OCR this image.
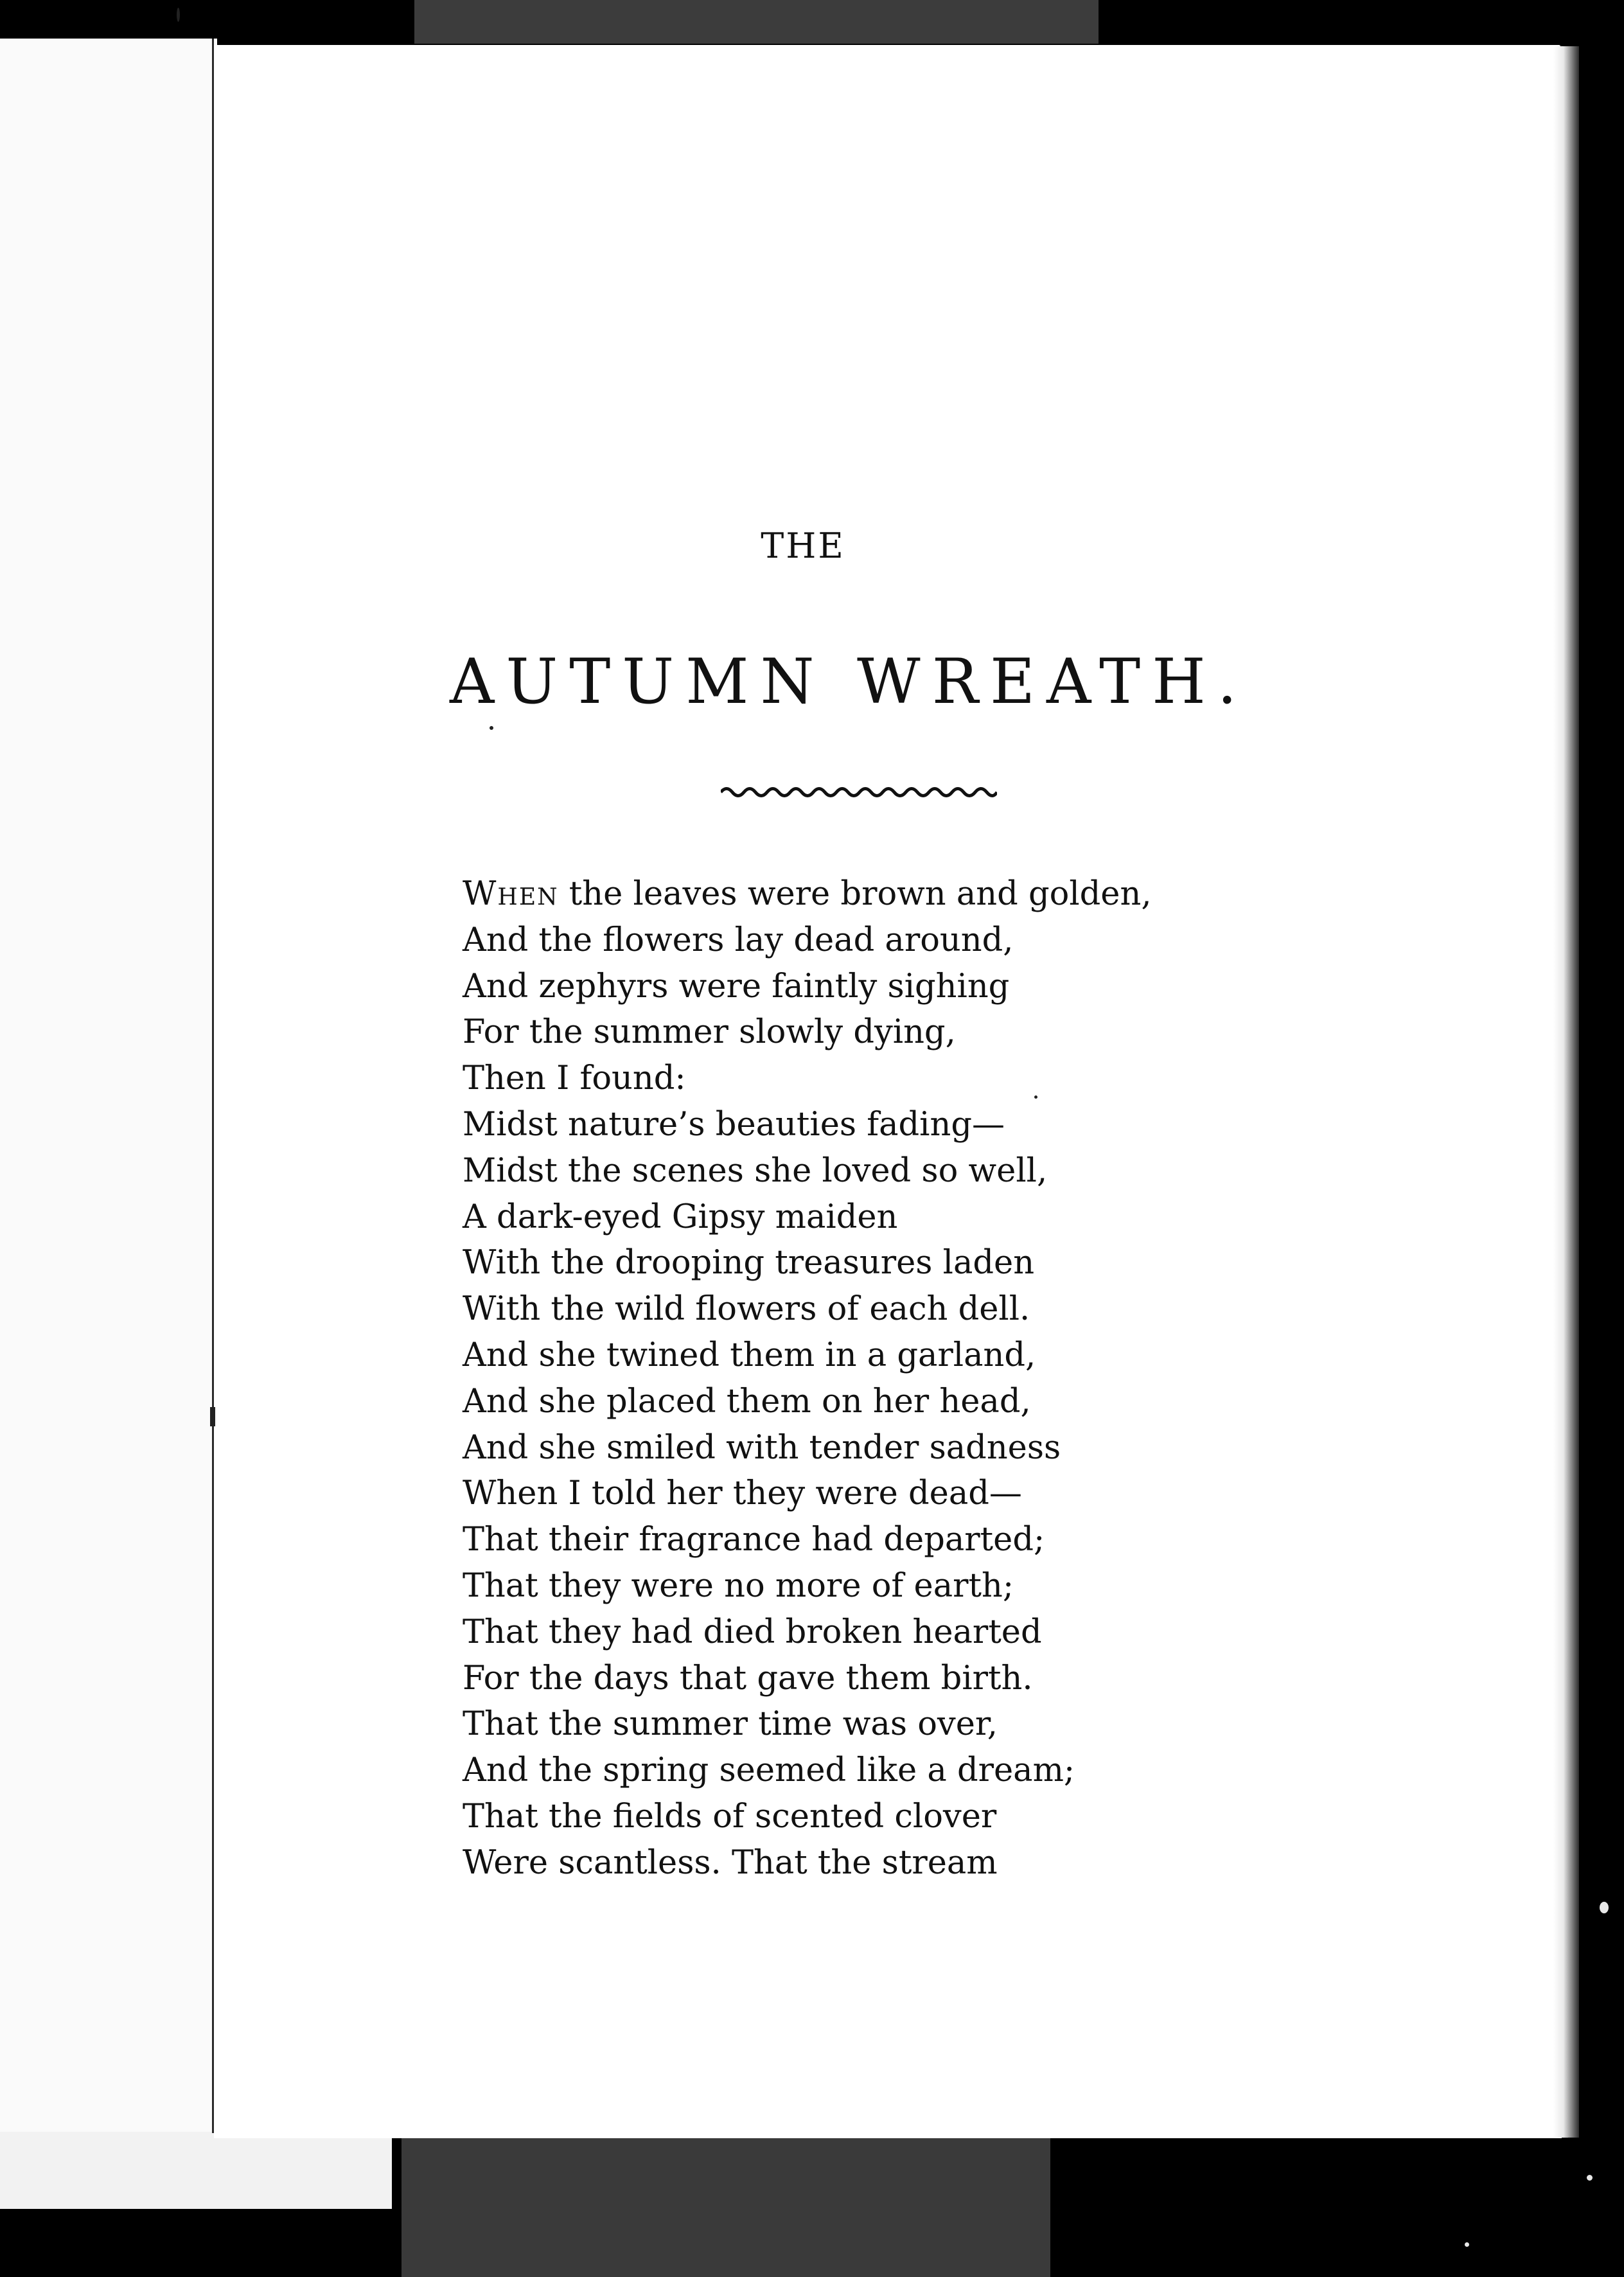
THE
AUTUMN WREATH.
When the leaves were brown and golden,
And the flowers lay dead around,
And zephyrs were faintly sighing
For the summer slowly dying,
Then I found:
Midst nature’s beauties fading—
Midst the scenes she loved so well,
A dark-eyed Gipsy maiden
With the drooping treasures laden
With the wild flowers of each dell.
And she twined them in a garland,
And she placed them on her head,
And she smiled with tender sadness
When I told her they were dead—
That their fragrance had departed;
That they were no more of earth;
That they had died broken hearted
For the days that gave them birth.
That the summer time was over,
And the spring seemed like a dream;
That the fields of scented clover
Were scantless. That the stream
